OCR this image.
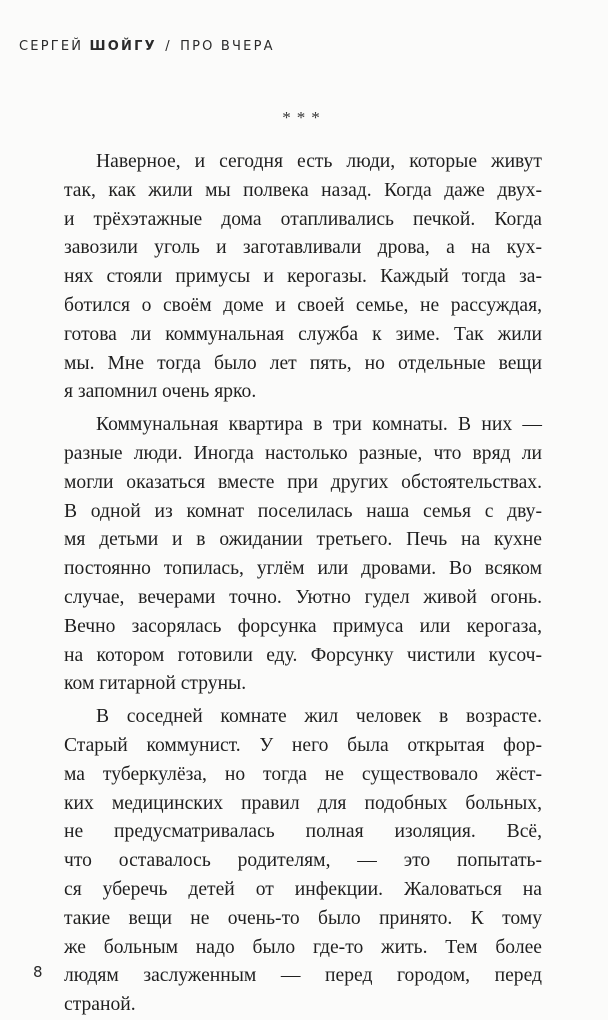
СЕРГЕЙ ШОЙГУ / ПРО ВЧЕРА
***
Наверное, и сегодня есть люди, которые живут
так, как жили мы полвека назад. Когда даже двух-
и трёхэтажные дома отапливались печкой. Когда
завозили уголь и заготавливали дрова, а на кух-
нях стояли примусы и керогазы. Каждый тогда за-
ботился о своём доме и своей семье, не рассуждая,
готова ли коммунальная служба к зиме. Так жили
мы. Мне тогда было лет пять, но отдельные вещи
я запомнил очень ярко.
Коммунальная квартира в три комнаты. В них —
разные люди. Иногда настолько разные, что вряд ли
могли оказаться вместе при других обстоятельствах.
В одной из комнат поселилась наша семья с дву-
мя детьми и в ожидании третьего. Печь на кухне
постоянно топилась, углём или дровами. Во всяком
случае, вечерами точно. Уютно гудел живой огонь.
Вечно засорялась форсунка примуса или керогаза,
на котором готовили еду. Форсунку чистили кусоч-
ком гитарной струны.
В соседней комнате жил человек в возрасте.
Старый коммунист. У него была открытая фор-
ма туберкулёза, но тогда не существовало жёст-
ких медицинских правил для подобных больных,
не предусматривалась полная изоляция. Всё,
что оставалось родителям, — это попытать-
ся уберечь детей от инфекции. Жаловаться на
такие вещи не очень-то было принято. К тому
же больным надо было где-то жить. Тем более
людям заслуженным — перед городом, перед
страной.
8
